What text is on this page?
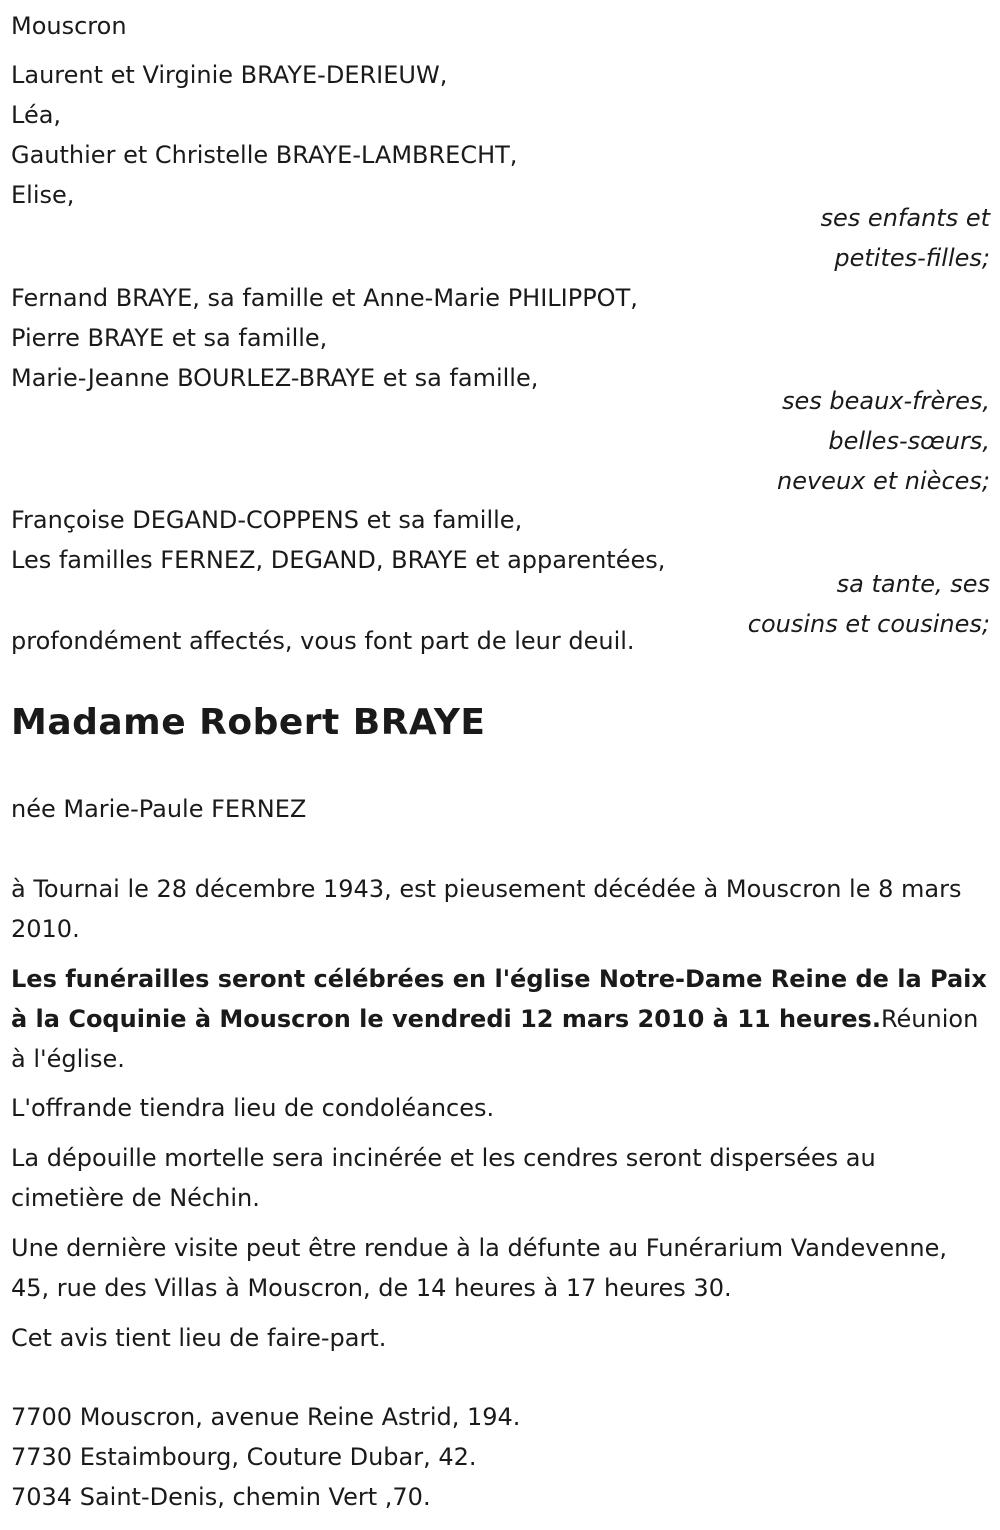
Mouscron

Laurent et Virginie BRAYE-DERIEUW,

Léa,

Gauthier et Christelle BRAYE-LAMBRECHT,

Elise,

ses enfants et
petites-filles;

Fernand BRAYE, sa famille et Anne-Marie PHILIPPOT,

Pierre BRAYE et sa famille,

Marie-Jeanne BOURLEZ-BRAYE et sa famille,

ses beaux-frères,
belles-sœurs,
neveux et nièces;

Françoise DEGAND-COPPENS et sa famille,

Les familles FERNEZ, DEGAND, BRAYE et apparentées,

sa tante, ses
cousins et cousines;

profondément affectés, vous font part de leur deuil.

Madame Robert BRAYE

née Marie-Paule FERNEZ

à Tournai le 28 décembre 1943, est pieusement décédée à Mouscron le 8 mars 2010.

Les funérailles seront célébrées en l'église Notre-Dame Reine de la Paix à la Coquinie à Mouscron le vendredi 12 mars 2010 à 11 heures.Réunion à l'église.

L'offrande tiendra lieu de condoléances.

La dépouille mortelle sera incinérée et les cendres seront dispersées au cimetière de Néchin.

Une dernière visite peut être rendue à la défunte au Funérarium Vandevenne, 45, rue des Villas à Mouscron, de 14 heures à 17 heures 30.

Cet avis tient lieu de faire-part.

7700 Mouscron, avenue Reine Astrid, 194.

7730 Estaimbourg, Couture Dubar, 42.

7034 Saint-Denis, chemin Vert ,70.
